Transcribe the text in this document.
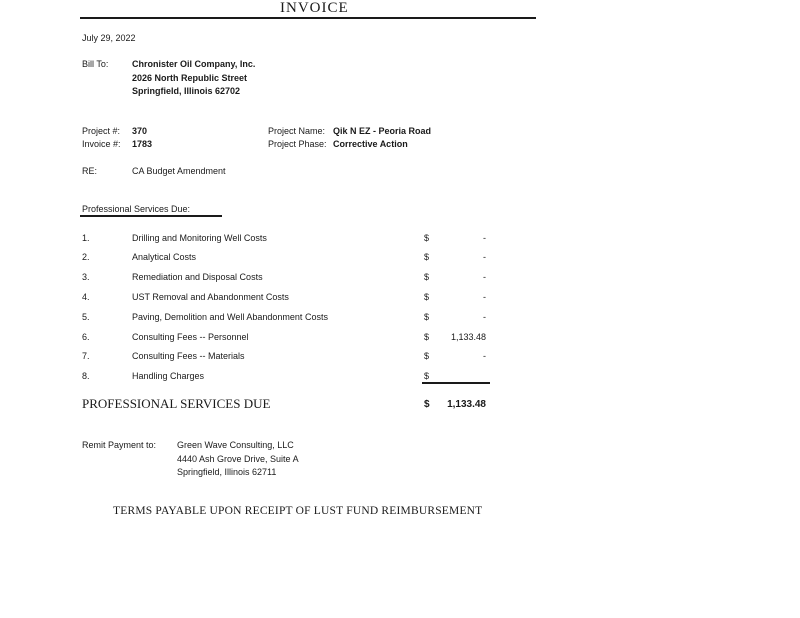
INVOICE
July 29, 2022
Bill To:	Chronister Oil Company, Inc.
2026 North Republic Street
Springfield, Illinois 62702
Project #: 370
Invoice #: 1783
Project Name: Qik N EZ - Peoria Road
Project Phase: Corrective Action
RE:	CA Budget Amendment
Professional Services Due:
1.	Drilling and Monitoring Well Costs	$	-
2.	Analytical Costs	$	-
3.	Remediation and Disposal Costs	$	-
4.	UST Removal and Abandonment Costs	$	-
5.	Paving, Demolition and Well Abandonment Costs	$	-
6.	Consulting Fees -- Personnel	$	1,133.48
7.	Consulting Fees -- Materials	$	-
8.	Handling Charges	$
PROFESSIONAL SERVICES DUE	$	1,133.48
Remit Payment to: Green Wave Consulting, LLC
4440 Ash Grove Drive, Suite A
Springfield, Illinois 62711
TERMS PAYABLE UPON RECEIPT OF LUST FUND REIMBURSEMENT
